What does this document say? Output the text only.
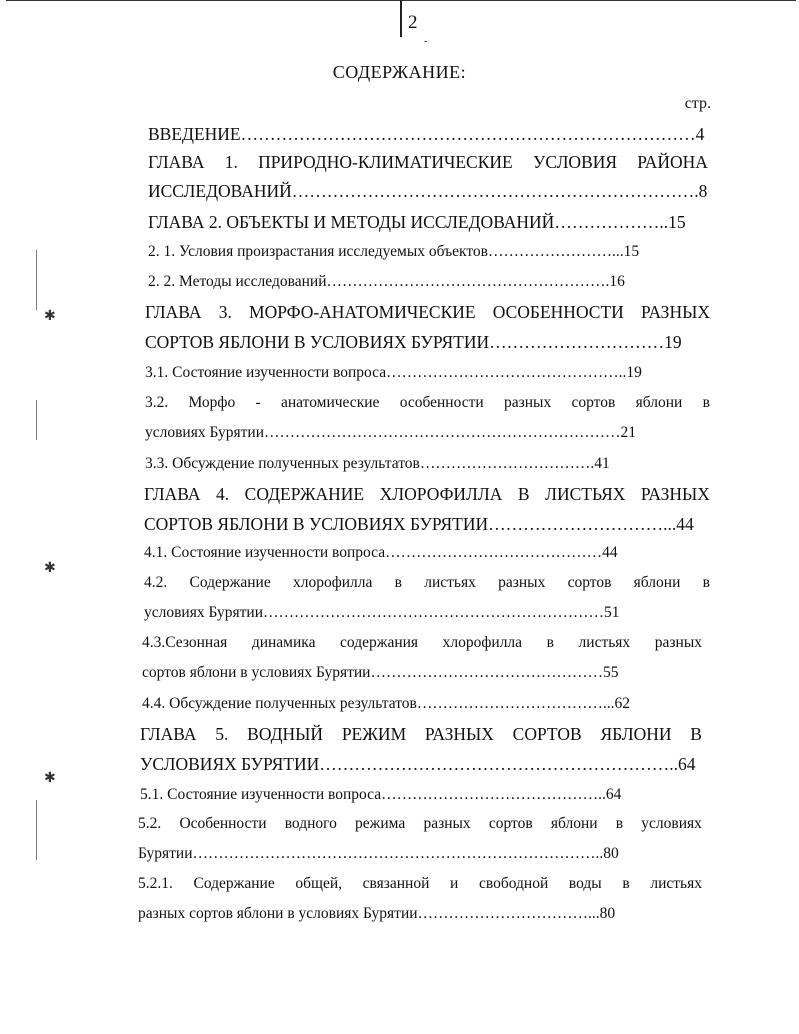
2
-
СОДЕРЖАНИЕ:
стр.
✱
✱
✱
ВВЕДЕНИЕ……………………………………………………………………4
ГЛАВА 1. ПРИРОДНО-КЛИМАТИЧЕСКИЕ УСЛОВИЯ РАЙОНА
ИССЛЕДОВАНИЙ…………………………………………………………….8
ГЛАВА 2. ОБЪЕКТЫ И МЕТОДЫ ИССЛЕДОВАНИЙ………………..15
2. 1. Условия произрастания исследуемых объектов……………………...15
2. 2. Методы исследований……………………………………………….16
ГЛАВА 3. МОРФО-АНАТОМИЧЕСКИЕ ОСОБЕННОСТИ РАЗНЫХ
СОРТОВ ЯБЛОНИ В УСЛОВИЯХ БУРЯТИИ…………………………19
3.1. Состояние изученности вопроса………………………………………..19
3.2. Морфо - анатомические особенности разных сортов яблони в
условиях Бурятии……………………………………………………………21
3.3. Обсуждение полученных результатов…………………………….41
ГЛАВА 4. СОДЕРЖАНИЕ ХЛОРОФИЛЛА В ЛИСТЬЯХ РАЗНЫХ
СОРТОВ ЯБЛОНИ В УСЛОВИЯХ БУРЯТИИ…………………………...44
4.1. Состояние изученности вопроса……………………………………44
4.2. Содержание хлорофилла в листьях разных сортов яблони в
условиях Бурятии…………………………………………………………51
4.3.Сезонная динамика содержания хлорофилла в листьях разных
сортов яблони в условиях Бурятии………………………………………55
4.4. Обсуждение полученных результатов………………………………...62
ГЛАВА 5. ВОДНЫЙ РЕЖИМ РАЗНЫХ СОРТОВ ЯБЛОНИ В
УСЛОВИЯХ БУРЯТИИ……………………………………………………..64
5.1. Состояние изученности вопроса……………………………………..64
5.2. Особенности водного режима разных сортов яблони в условиях
Бурятии……………………………………………………………………..80
5.2.1. Содержание общей, связанной и свободной воды в листьях
разных сортов яблони в условиях Бурятии……………………………...80
